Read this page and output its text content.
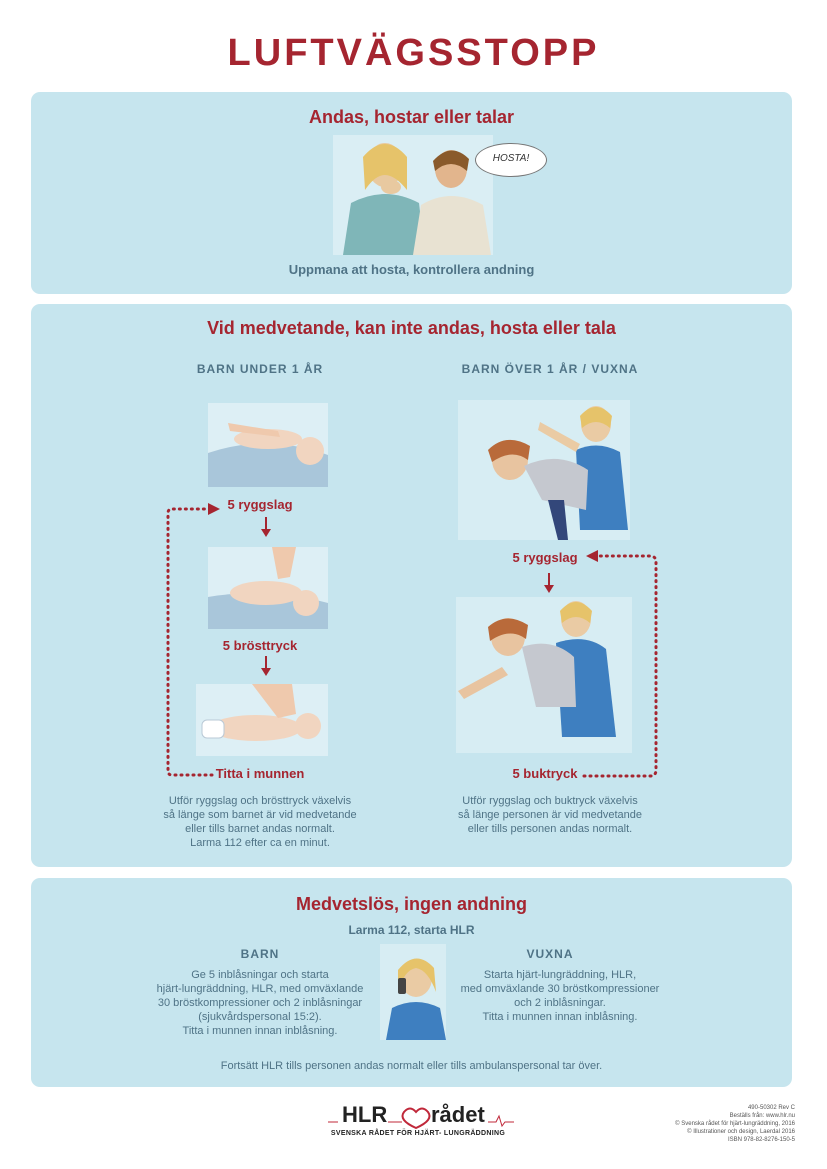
LUFTVÄGSSTOPP
Andas, hostar eller talar
HOSTA!
Uppmana att hosta, kontrollera andning
Vid medvetande, kan inte andas, hosta eller tala
BARN UNDER 1 ÅR	BARN ÖVER 1 ÅR / VUXNA
5 ryggslag
5 brösttryck
Titta i munnen
Utför ryggslag och brösttryck växelvis
så länge som barnet är vid medvetande
eller tills barnet andas normalt.
Larma 112 efter ca en minut.
5 ryggslag
5 buktryck
Utför ryggslag och buktryck växelvis
så länge personen är vid medvetande
eller tills personen andas normalt.
Medvetslös, ingen andning
Larma 112, starta HLR
BARN
Ge 5 inblåsningar och starta
hjärt-lungräddning, HLR, med omväxlande
30 bröstkompressioner och 2 inblåsningar
(sjukvårdspersonal 15:2).
Titta i munnen innan inblåsning.
VUXNA
Starta hjärt-lungräddning, HLR,
med omväxlande 30 bröstkompressioner
och 2 inblåsningar.
Titta i munnen innan inblåsning.
Fortsätt HLR tills personen andas normalt eller tills ambulanspersonal tar över.
HLR rådet
SVENSKA RÅDET FÖR HJÄRT- LUNGRÄDDNING
490-50302 Rev C
Beställs från: www.hlr.nu
© Svenska rådet för hjärt-lungräddning, 2016
© Illustrationer och design, Laerdal 2016
ISBN 978-82-8276-150-5
